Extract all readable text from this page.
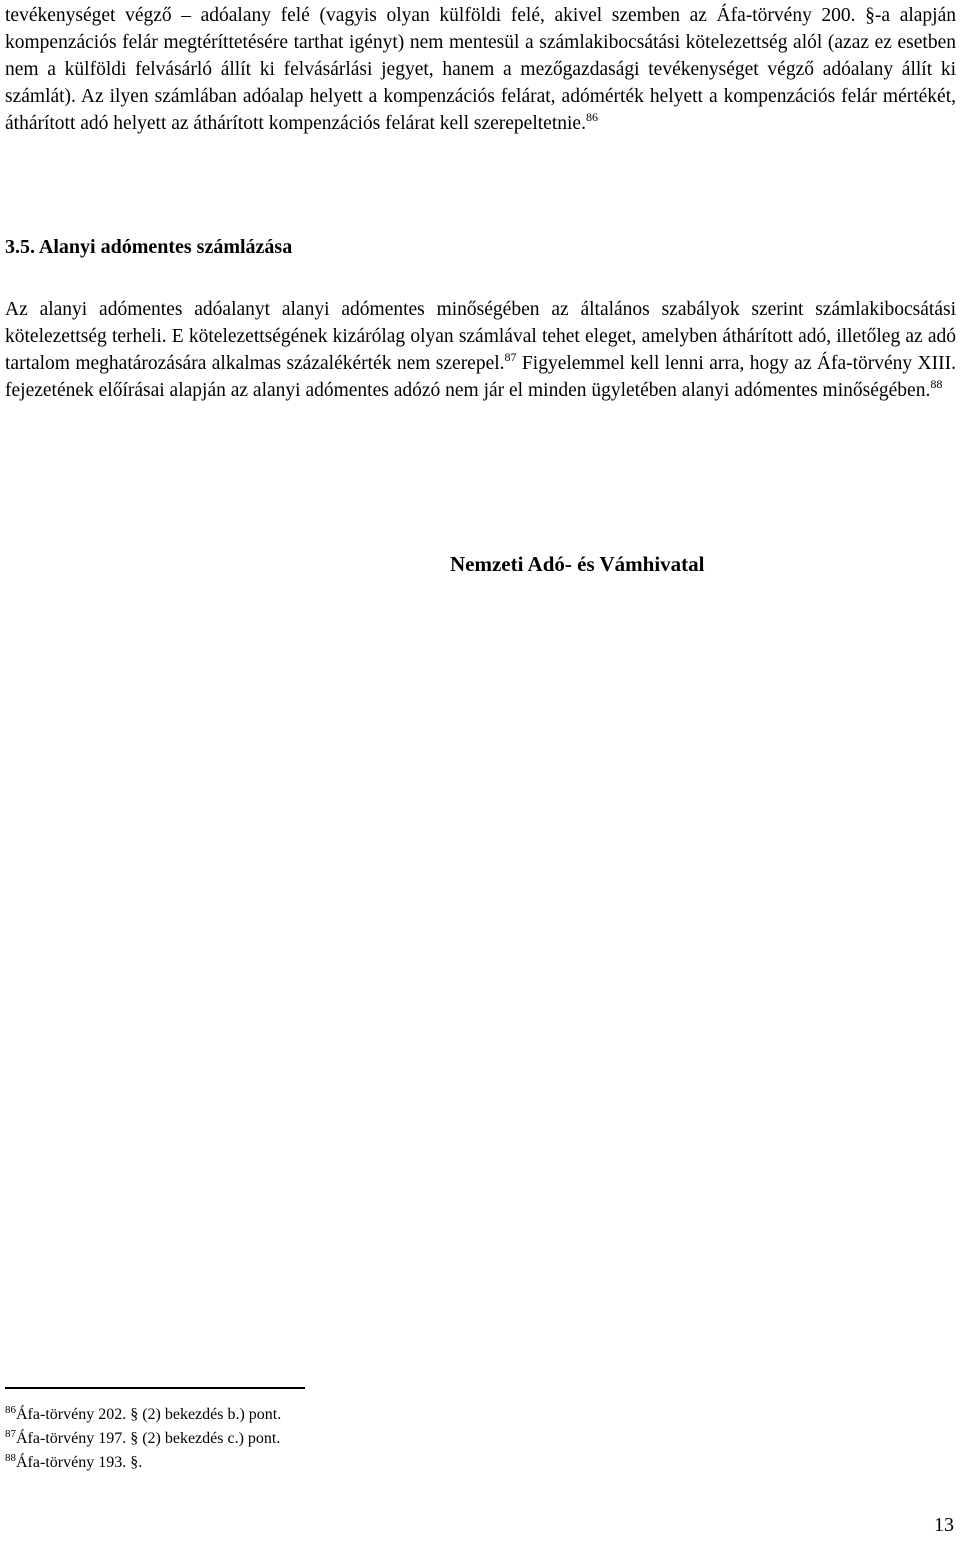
tevékenységet végző – adóalany felé (vagyis olyan külföldi felé, akivel szemben az Áfa-törvény 200. §-a alapján kompenzációs felár megtéríttetésére tarthat igényt) nem mentesül a számlakibocsátási kötelezettség alól (azaz ez esetben nem a külföldi felvásárló állít ki felvásárlási jegyet, hanem a mezőgazdasági tevékenységet végző adóalany állít ki számlát). Az ilyen számlában adóalap helyett a kompenzációs felárat, adómérték helyett a kompenzációs felár mértékét, áthárított adó helyett az áthárított kompenzációs felárat kell szerepeltetnie.$^{86}$

3.5. Alanyi adómentes számlázása

Az alanyi adómentes adóalanyt alanyi adómentes minőségében az általános szabályok szerint számlakibocsátási kötelezettség terheli. E kötelezettségének kizárólag olyan számlával tehet eleget, amelyben áthárított adó, illetőleg az adó tartalom meghatározására alkalmas százalékérték nem szerepel.$^{87}$ Figyelemmel kell lenni arra, hogy az Áfa-törvény XIII. fejezetének előírásai alapján az alanyi adómentes adózó nem jár el minden ügyletében alanyi adómentes minőségében.$^{88}$

Nemzeti Adó- és Vámhivatal

$^{86}$Áfa-törvény 202. § (2) bekezdés b.) pont.

$^{87}$Áfa-törvény 197. § (2) bekezdés c.) pont.

$^{88}$Áfa-törvény 193. §.

13
